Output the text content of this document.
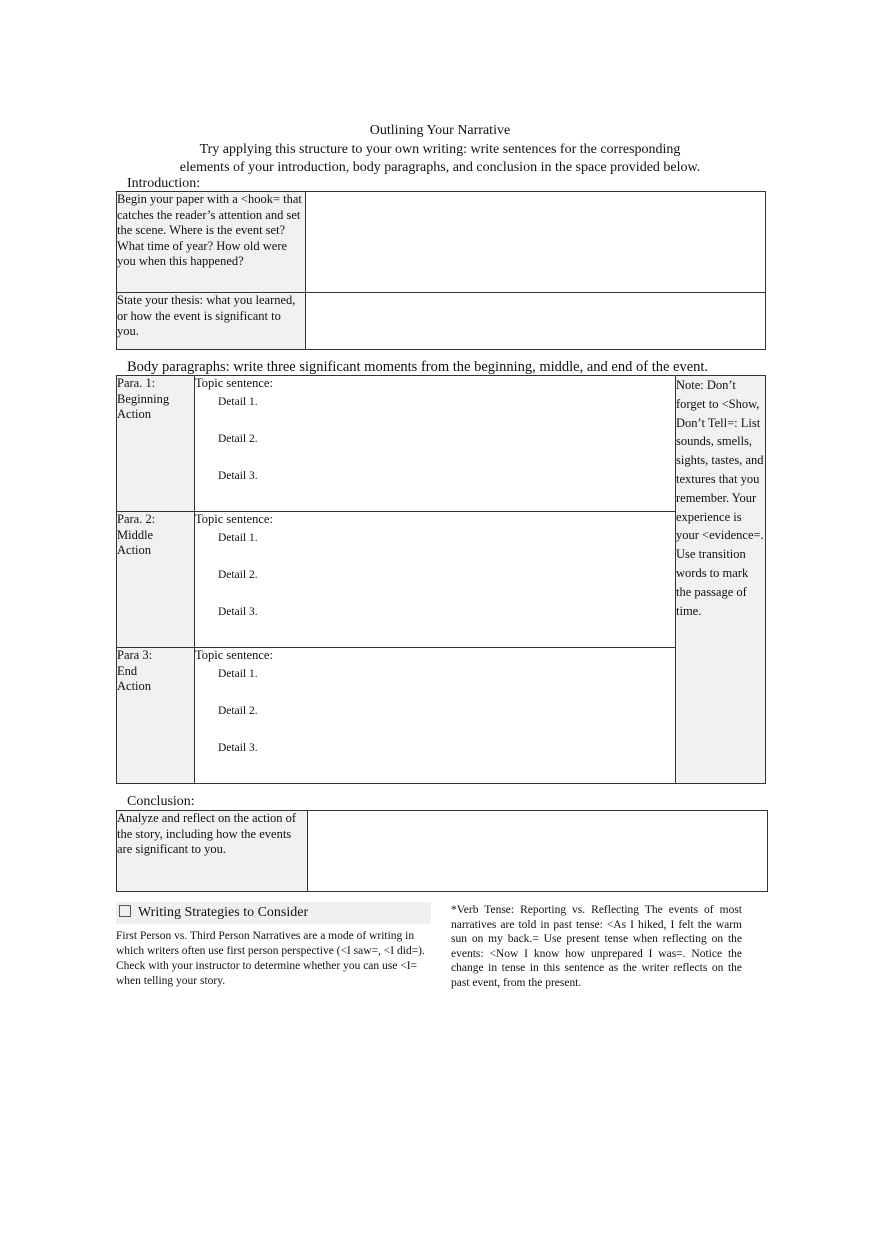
Outlining Your Narrative
Try applying this structure to your own writing: write sentences for the corresponding
elements of your introduction, body paragraphs, and conclusion in the space provided below.
Introduction:
Begin your paper with a <hook= that catches the reader’s attention and set the scene. Where is the event set? What time of year? How old were you when this happened?	
State your thesis: what you learned, or how the event is significant to you.	
Body paragraphs: write three significant moments from the beginning, middle, and end of the event.
Para. 1:
Beginning
Action	Topic sentence:
Detail 1.
Detail 2.
Detail 3.	Note: Don’t forget to <Show, Don’t Tell=: List sounds, smells, sights, tastes, and textures that you remember. Your experience is your <evidence=. Use transition words to mark the passage of time.

Para. 2:
Middle
Action	Topic sentence:
Detail 1.
Detail 2.
Detail 3.	

Para 3:
End
Action	Topic sentence:
Detail 1.
Detail 2.
Detail 3.	
Conclusion:
Analyze and reflect on the action of the story, including how the events are significant to you.	
Writing Strategies to Consider
First Person vs. Third Person Narratives are a mode of writing in which writers often use first person perspective (<I saw=, <I did=). Check with your instructor to determine whether you can use <I= when telling your story.
*Verb Tense: Reporting vs. Reflecting The events of most narratives are told in past tense: <As I hiked, I felt the warm sun on my back.= Use present tense when reflecting on the events: <Now I know how unprepared I was=. Notice the change in tense in this sentence as the writer reflects on the past event, from the present.
